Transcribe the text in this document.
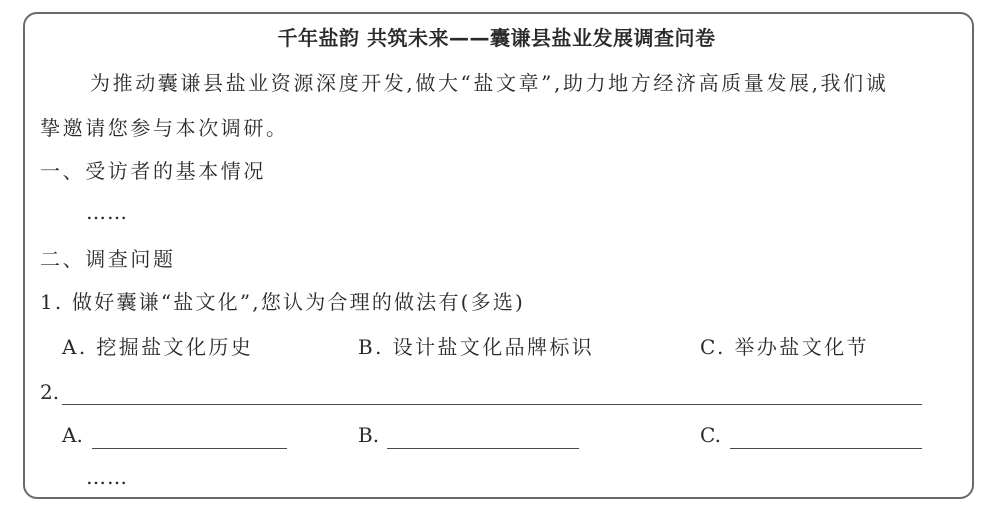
千年盐韵 共筑未来——囊谦县盐业发展调查问卷
为推动囊谦县盐业资源深度开发,做大“盐文章”,助力地方经济高质量发展,我们诚
挚邀请您参与本次调研。
一、受访者的基本情况
……
二、调查问题
1. 做好囊谦“盐文化”,您认为合理的做法有(多选)
A. 挖掘盐文化历史	B. 设计盐文化品牌标识	C. 举办盐文化节
2.
A.	B.	C.
……
